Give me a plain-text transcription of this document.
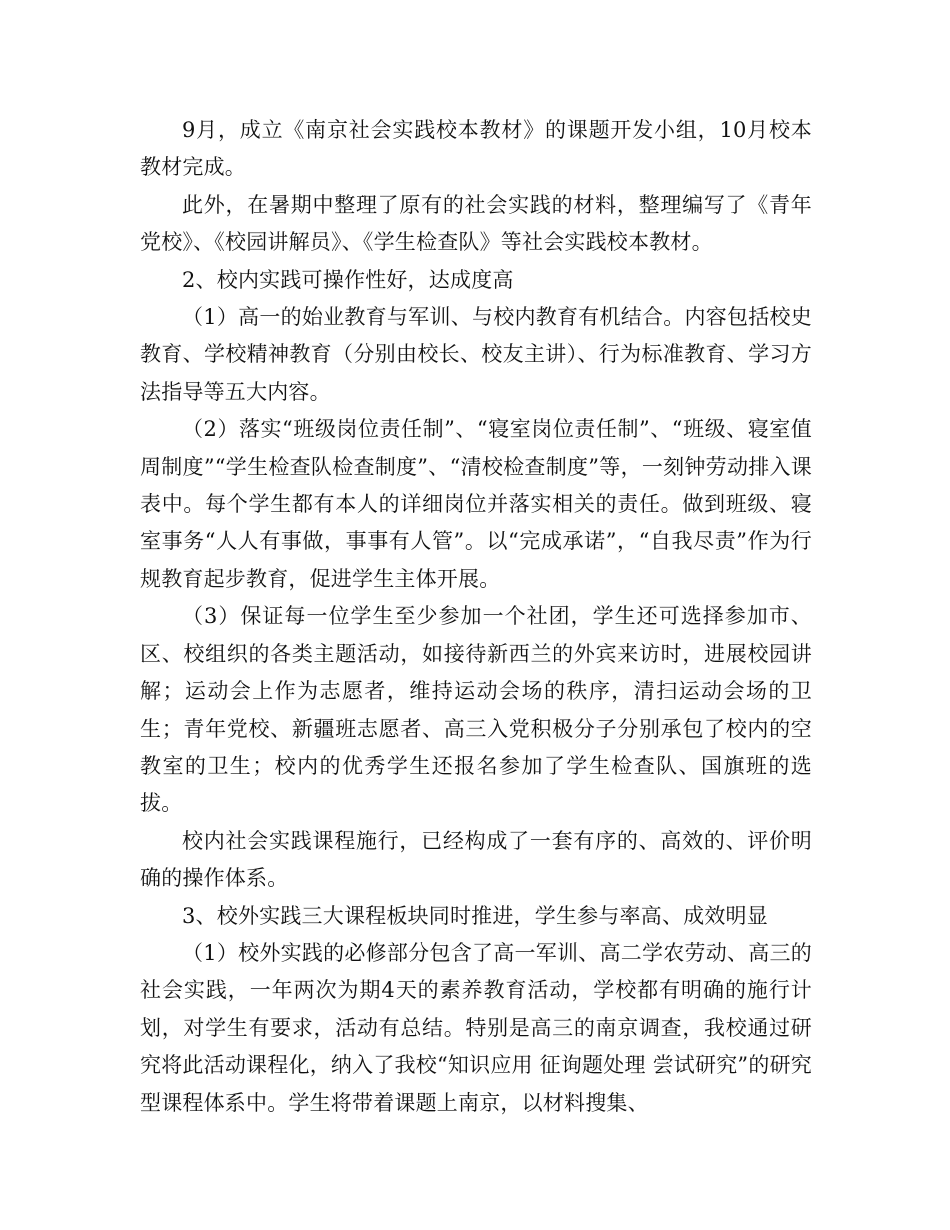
9月，成立《南京社会实践校本教材》的课题开发小组，10月校本教材完成。

此外，在暑期中整理了原有的社会实践的材料，整理编写了《青年党校》、《校园讲解员》、《学生检查队》等社会实践校本教材。

2、校内实践可操作性好，达成度高

（1）高一的始业教育与军训、与校内教育有机结合。内容包括校史教育、学校精神教育（分别由校长、校友主讲）、行为标准教育、学习方法指导等五大内容。

（2）落实“班级岗位责任制”、“寝室岗位责任制”、“班级、寝室值周制度”“学生检查队检查制度”、“清校检查制度”等，一刻钟劳动排入课表中。每个学生都有本人的详细岗位并落实相关的责任。做到班级、寝室事务“人人有事做，事事有人管”。以“完成承诺”，“自我尽责”作为行规教育起步教育，促进学生主体开展。

（3）保证每一位学生至少参加一个社团，学生还可选择参加市、区、校组织的各类主题活动，如接待新西兰的外宾来访时，进展校园讲解；运动会上作为志愿者，维持运动会场的秩序，清扫运动会场的卫生；青年党校、新疆班志愿者、高三入党积极分子分别承包了校内的空教室的卫生；校内的优秀学生还报名参加了学生检查队、国旗班的选拔。

校内社会实践课程施行，已经构成了一套有序的、高效的、评价明确的操作体系。

3、校外实践三大课程板块同时推进，学生参与率高、成效明显

（1）校外实践的必修部分包含了高一军训、高二学农劳动、高三的社会实践，一年两次为期4天的素养教育活动，学校都有明确的施行计划，对学生有要求，活动有总结。特别是高三的南京调查，我校通过研究将此活动课程化，纳入了我校“知识应用 征询题处理 尝试研究”的研究型课程体系中。学生将带着课题上南京，以材料搜集、
